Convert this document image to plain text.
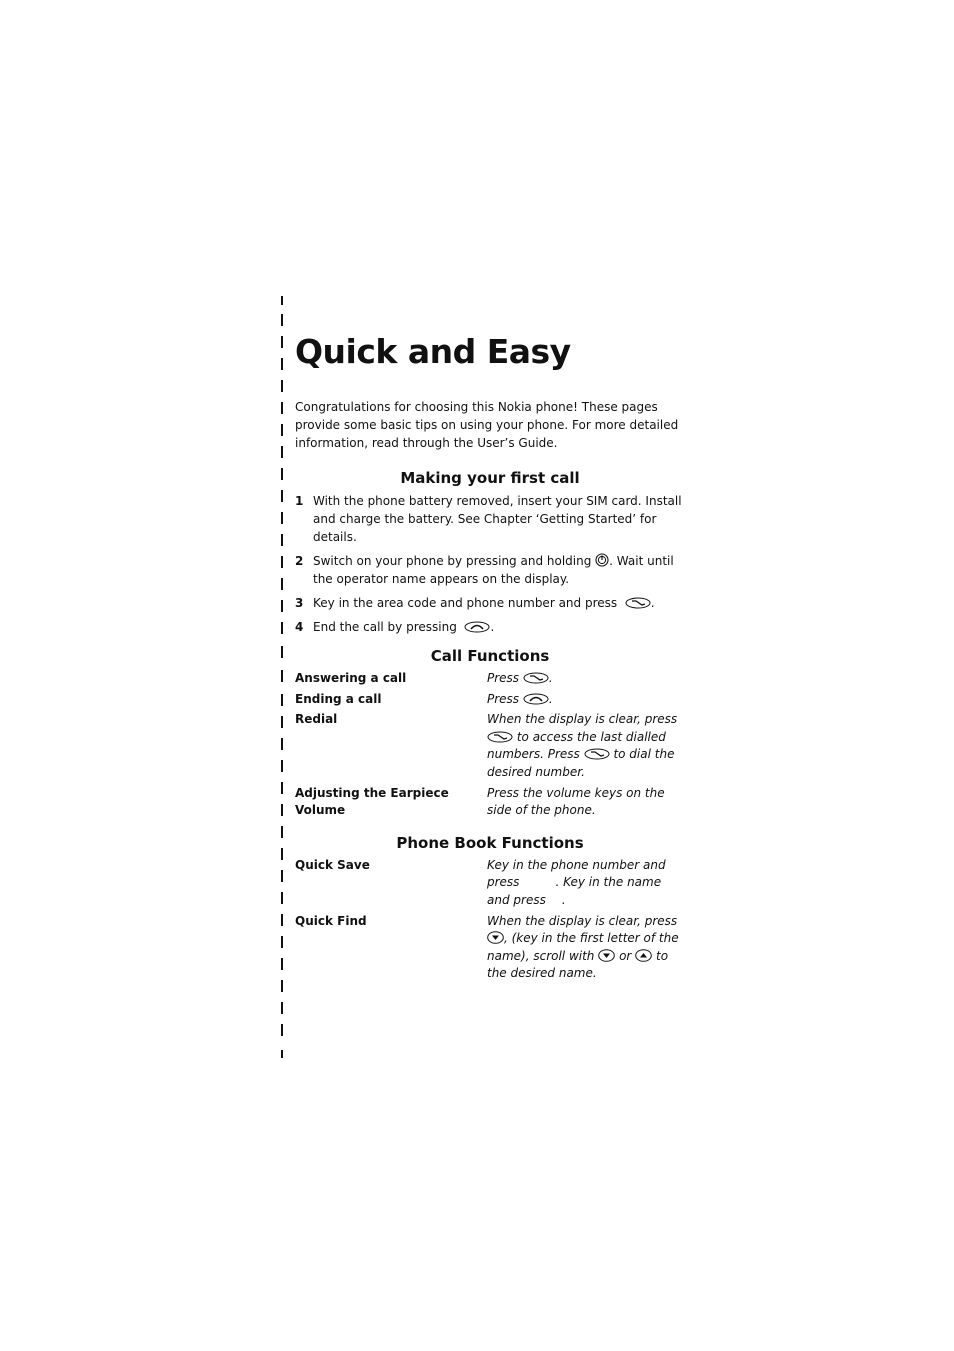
Quick and Easy

Congratulations for choosing this Nokia phone! These pages provide some basic tips on using your phone. For more detailed information, read through the User’s Guide.

Making your first call
1 With the phone battery removed, insert your SIM card. Install and charge the battery. See Chapter ‘Getting Started’ for details.
2 Switch on your phone by pressing and holding . Wait until the operator name appears on the display.
3 Key in the area code and phone number and press	.
4 End the call by pressing	.
Call Functions
Answering a call	Press .
Ending a call	Press .
Redial	When the display is clear, press  to access the last dialled numbers. Press to dial the desired number.
Adjusting the Earpiece Volume	Press the volume keys on the side of the phone.
Phone Book Functions
Quick Save	Key in the phone number and press . Key in the name and press .
Quick Find	When the display is clear, press , (key in the first letter of the name), scroll with or to the desired name.
